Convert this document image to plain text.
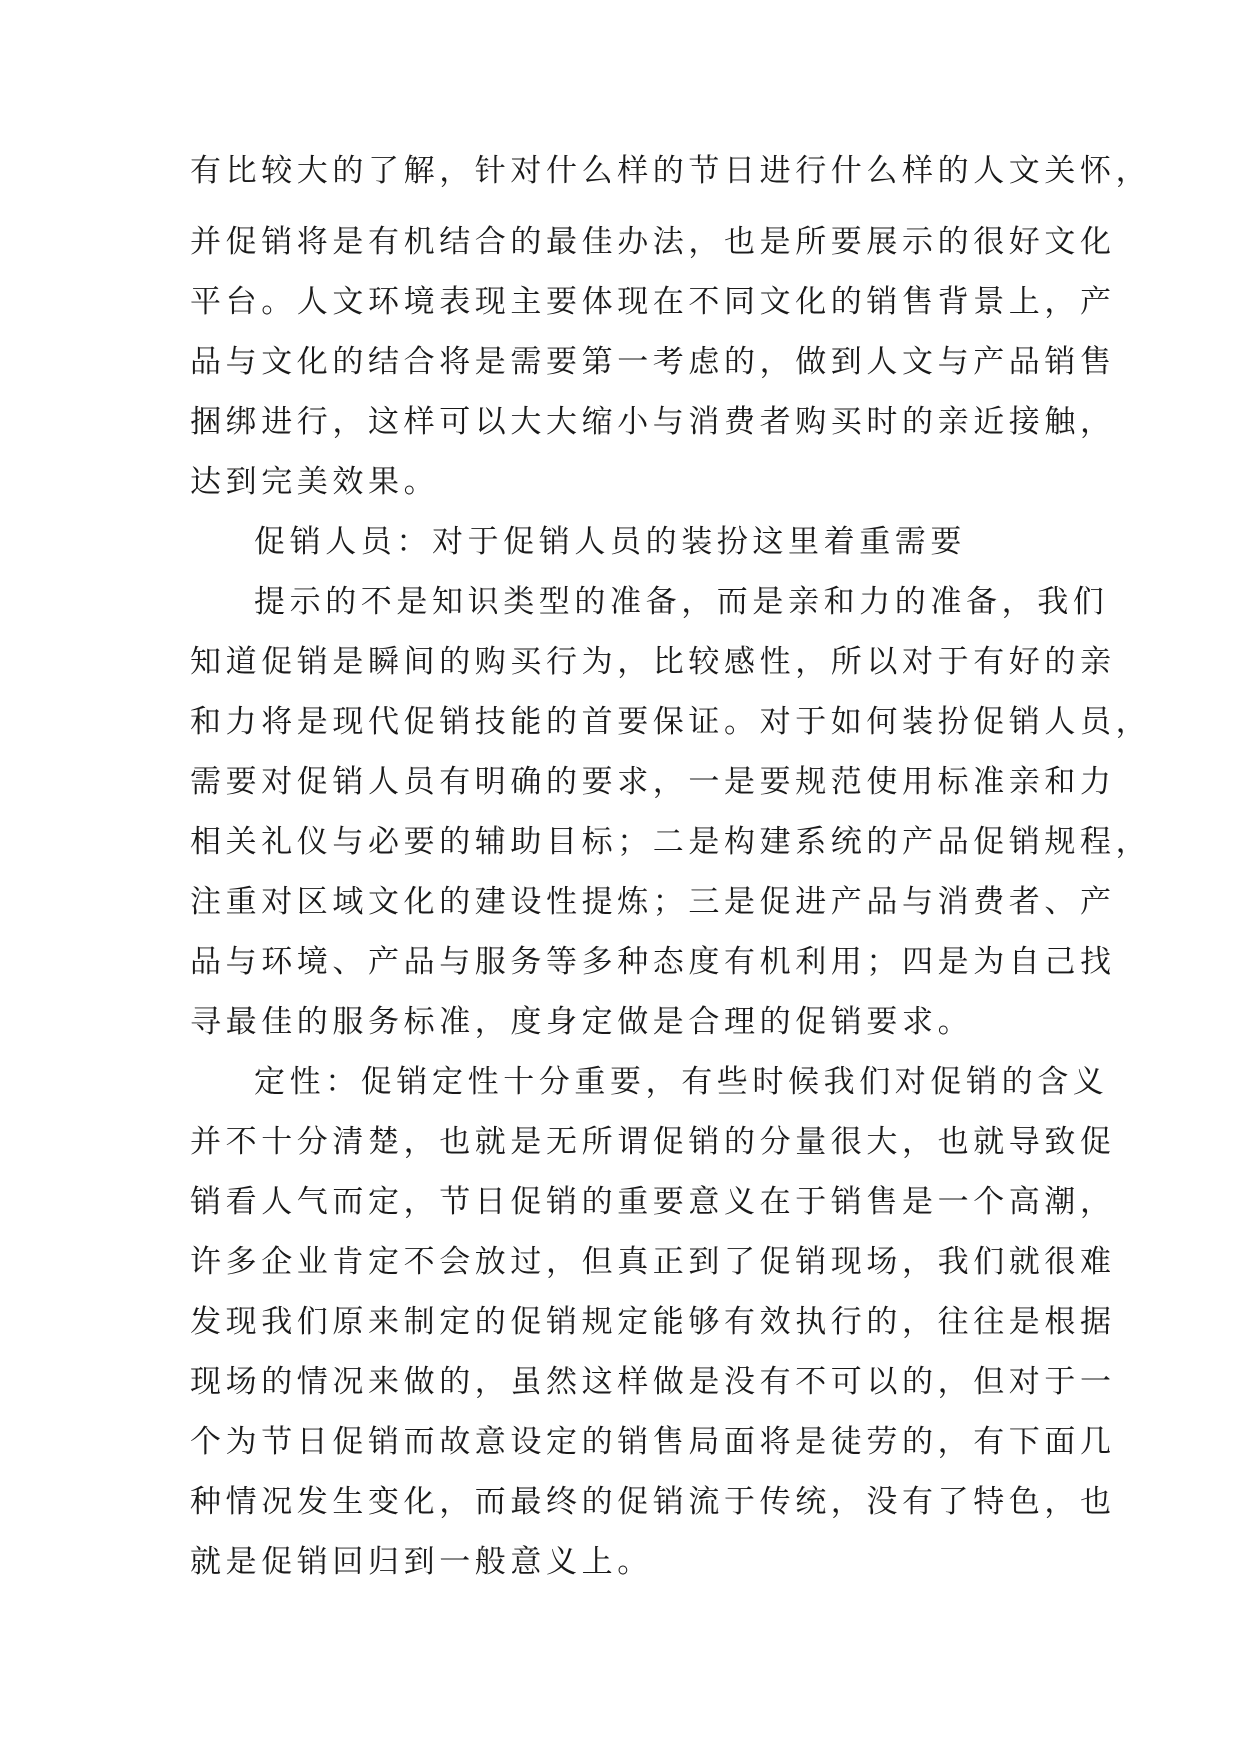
有比较大的了解，针对什么样的节日进行什么样的人文关怀，
并促销将是有机结合的最佳办法，也是所要展示的很好文化
平台。人文环境表现主要体现在不同文化的销售背景上，产
品与文化的结合将是需要第一考虑的，做到人文与产品销售
捆绑进行，这样可以大大缩小与消费者购买时的亲近接触，
达到完美效果。
促销人员：对于促销人员的装扮这里着重需要
提示的不是知识类型的准备，而是亲和力的准备，我们
知道促销是瞬间的购买行为，比较感性，所以对于有好的亲
和力将是现代促销技能的首要保证。对于如何装扮促销人员，
需要对促销人员有明确的要求，一是要规范使用标准亲和力
相关礼仪与必要的辅助目标；二是构建系统的产品促销规程，
注重对区域文化的建设性提炼；三是促进产品与消费者、产
品与环境、产品与服务等多种态度有机利用；四是为自己找
寻最佳的服务标准，度身定做是合理的促销要求。
定性：促销定性十分重要，有些时候我们对促销的含义
并不十分清楚，也就是无所谓促销的分量很大，也就导致促
销看人气而定，节日促销的重要意义在于销售是一个高潮，
许多企业肯定不会放过，但真正到了促销现场，我们就很难
发现我们原来制定的促销规定能够有效执行的，往往是根据
现场的情况来做的，虽然这样做是没有不可以的，但对于一
个为节日促销而故意设定的销售局面将是徒劳的，有下面几
种情况发生变化，而最终的促销流于传统，没有了特色，也
就是促销回归到一般意义上。
